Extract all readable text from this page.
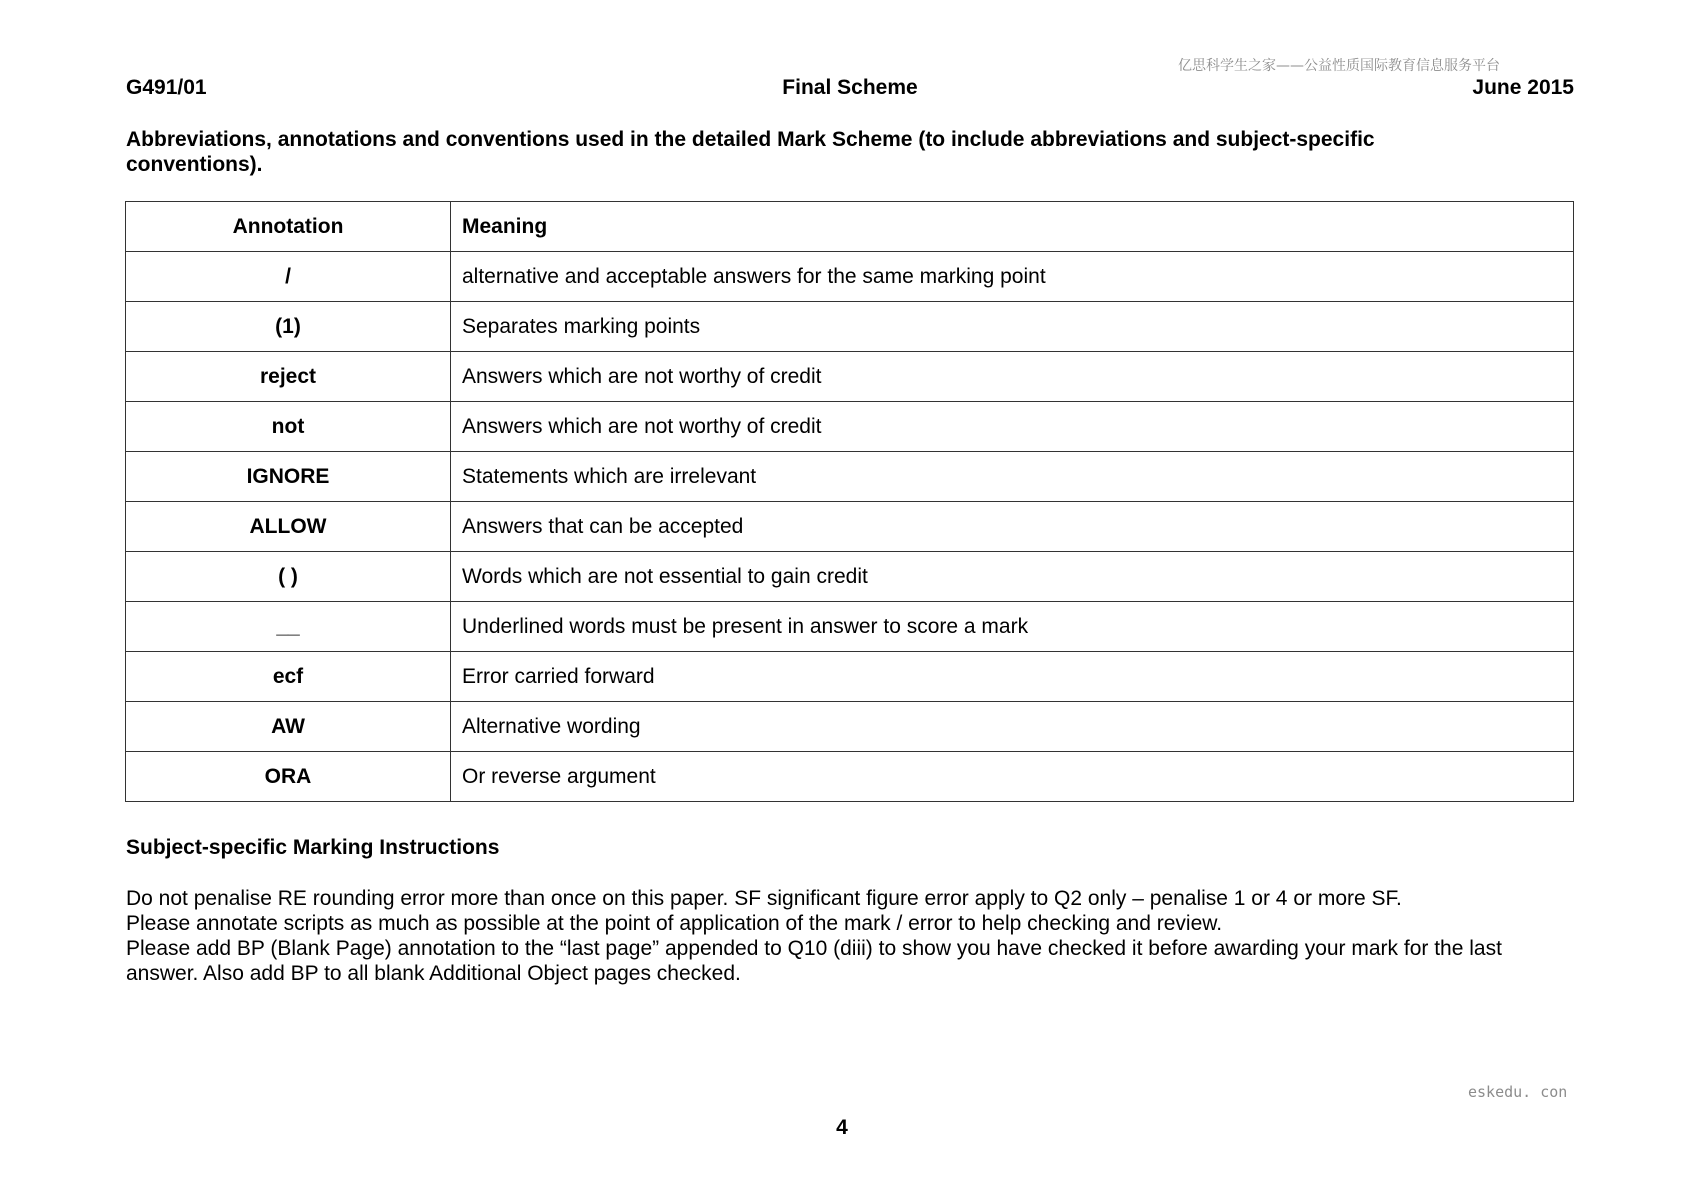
亿思科学生之家——公益性质国际教育信息服务平台
G491/01	Final Scheme	June 2015
Abbreviations, annotations and conventions used in the detailed Mark Scheme (to include abbreviations and subject-specific conventions).
Annotation	Meaning
/	alternative and acceptable answers for the same marking point
(1)	Separates marking points
reject	Answers which are not worthy of credit
not	Answers which are not worthy of credit
IGNORE	Statements which are irrelevant
ALLOW	Answers that can be accepted
( )	Words which are not essential to gain credit
__	Underlined words must be present in answer to score a mark
ecf	Error carried forward
AW	Alternative wording
ORA	Or reverse argument
Subject-specific Marking Instructions

Do not penalise RE rounding error more than once on this paper. SF significant figure error apply to Q2 only – penalise 1 or 4 or more SF.

Please annotate scripts as much as possible at the point of application of the mark / error to help checking and review.

Please add BP (Blank Page) annotation to the “last page” appended to Q10 (diii) to show you have checked it before awarding your mark for the last answer. Also add BP to all blank Additional Object pages checked.

eskedu. con
4
